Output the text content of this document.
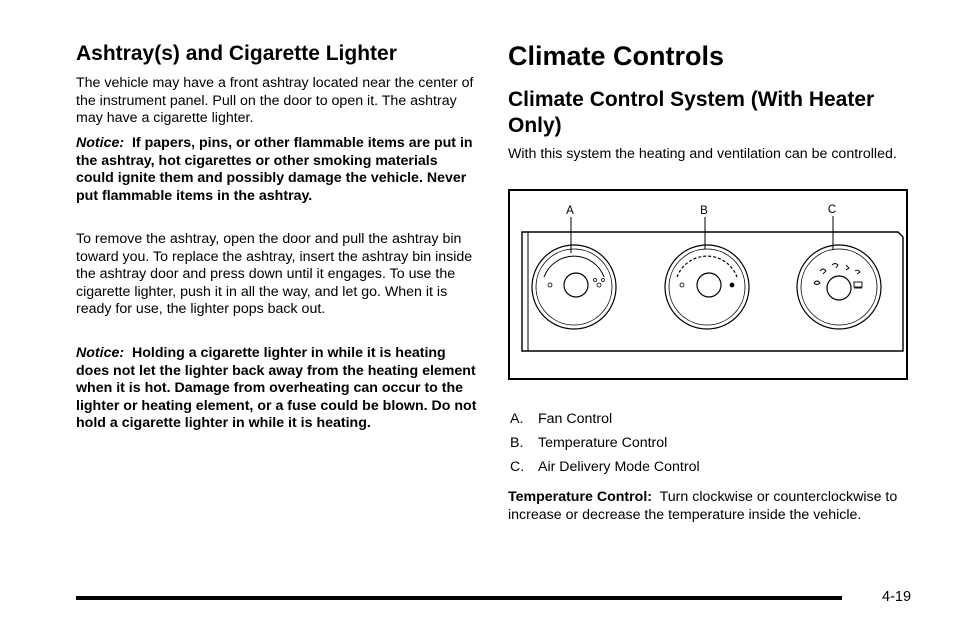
Ashtray(s) and Cigarette Lighter

The vehicle may have a front ashtray located near the center of the instrument panel. Pull on the door to open it. The ashtray may have a cigarette lighter.

Notice: If papers, pins, or other flammable items are put in the ashtray, hot cigarettes or other smoking materials could ignite them and possibly damage the vehicle. Never put flammable items in the ashtray.

To remove the ashtray, open the door and pull the ashtray bin toward you. To replace the ashtray, insert the ashtray bin inside the ashtray door and press down until it engages. To use the cigarette lighter, push it in all the way, and let go. When it is ready for use, the lighter pops back out.

Notice: Holding a cigarette lighter in while it is heating does not let the lighter back away from the heating element when it is hot. Damage from overheating can occur to the lighter or heating element, or a fuse could be blown. Do not hold a cigarette lighter in while it is heating.

Climate Controls
Climate Control System (With Heater Only)

With this system the heating and ventilation can be controlled.

A	B	C
A. Fan Control
B. Temperature Control
C. Air Delivery Mode Control

Temperature Control: Turn clockwise or counterclockwise to increase or decrease the temperature inside the vehicle.

4-19
